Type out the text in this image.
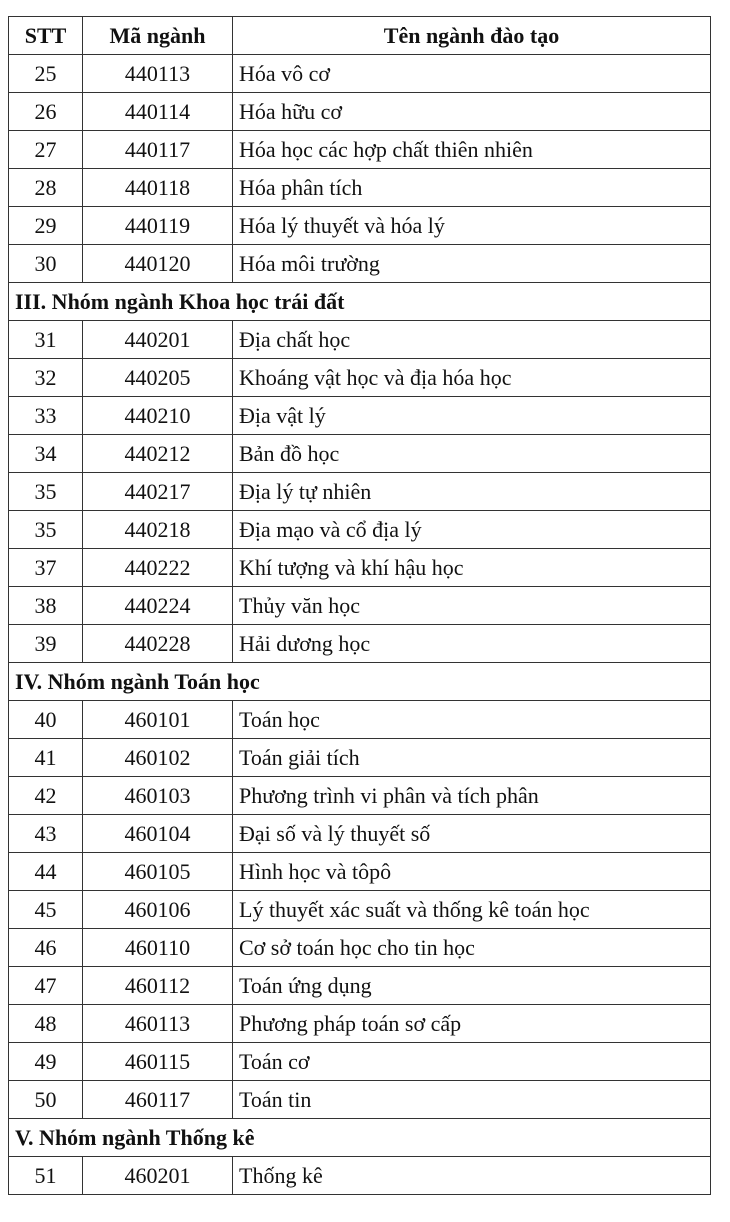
STT	Mã ngành	Tên ngành đào tạo
25	440113	Hóa vô cơ
26	440114	Hóa hữu cơ
27	440117	Hóa học các hợp chất thiên nhiên
28	440118	Hóa phân tích
29	440119	Hóa lý thuyết và hóa lý
30	440120	Hóa môi trường
III. Nhóm ngành Khoa học trái đất		
31	440201	Địa chất học
32	440205	Khoáng vật học và địa hóa học
33	440210	Địa vật lý
34	440212	Bản đồ học
35	440217	Địa lý tự nhiên
35	440218	Địa mạo và cổ địa lý
37	440222	Khí tượng và khí hậu học
38	440224	Thủy văn học
39	440228	Hải dương học
IV. Nhóm ngành Toán học		
40	460101	Toán học
41	460102	Toán giải tích
42	460103	Phương trình vi phân và tích phân
43	460104	Đại số và lý thuyết số
44	460105	Hình học và tôpô
45	460106	Lý thuyết xác suất và thống kê toán học
46	460110	Cơ sở toán học cho tin học
47	460112	Toán ứng dụng
48	460113	Phương pháp toán sơ cấp
49	460115	Toán cơ
50	460117	Toán tin
V. Nhóm ngành Thống kê		
51	460201	Thống kê
